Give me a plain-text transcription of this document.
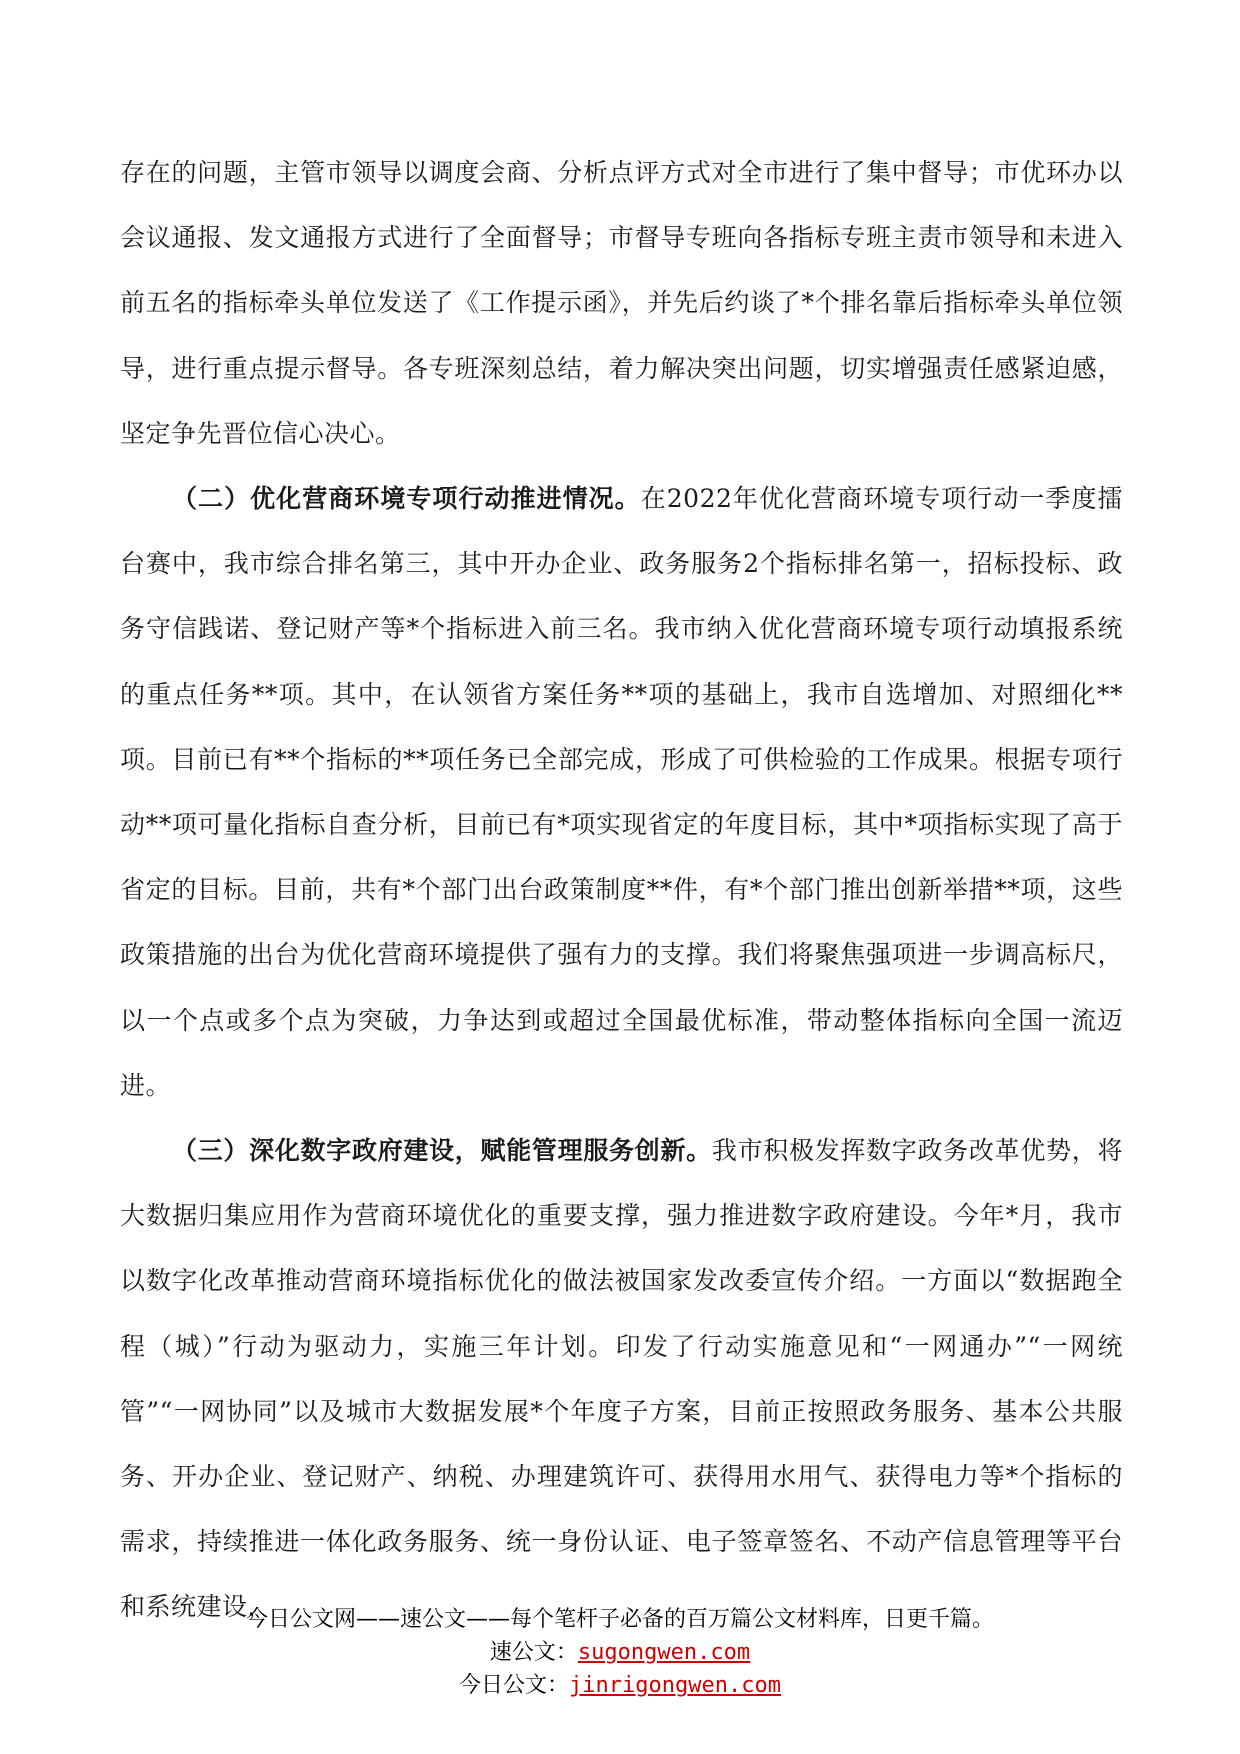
存在的问题，主管市领导以调度会商、分析点评方式对全市进行了集中督导；市优环办以会议通报、发文通报方式进行了全面督导；市督导专班向各指标专班主责市领导和未进入前五名的指标牵头单位发送了《工作提示函》，并先后约谈了*个排名靠后指标牵头单位领导，进行重点提示督导。各专班深刻总结，着力解决突出问题，切实增强责任感紧迫感，坚定争先晋位信心决心。

（二）优化营商环境专项行动推进情况。在2022年优化营商环境专项行动一季度擂台赛中，我市综合排名第三，其中开办企业、政务服务2个指标排名第一，招标投标、政务守信践诺、登记财产等*个指标进入前三名。我市纳入优化营商环境专项行动填报系统的重点任务**项。其中，在认领省方案任务**项的基础上，我市自选增加、对照细化**项。目前已有**个指标的**项任务已全部完成，形成了可供检验的工作成果。根据专项行动**项可量化指标自查分析，目前已有*项实现省定的年度目标，其中*项指标实现了高于省定的目标。目前，共有*个部门出台政策制度**件，有*个部门推出创新举措**项，这些政策措施的出台为优化营商环境提供了强有力的支撑。我们将聚焦强项进一步调高标尺，以一个点或多个点为突破，力争达到或超过全国最优标准，带动整体指标向全国一流迈进。

（三）深化数字政府建设，赋能管理服务创新。我市积极发挥数字政务改革优势，将大数据归集应用作为营商环境优化的重要支撑，强力推进数字政府建设。今年*月，我市以数字化改革推动营商环境指标优化的做法被国家发改委宣传介绍。一方面以“数据跑全程（城）”行动为驱动力，实施三年计划。印发了行动实施意见和“一网通办”“一网统管”“一网协同”以及城市大数据发展*个年度子方案，目前正按照政务服务、基本公共服务、开办企业、登记财产、纳税、办理建筑许可、获得用水用气、获得电力等*个指标的需求，持续推进一体化政务服务、统一身份认证、电子签章签名、不动产信息管理等平台和系统建设，

今日公文网——速公文——每个笔杆子必备的百万篇公文材料库，日更千篇。
速公文：sugongwen.com
今日公文：jinrigongwen.com
